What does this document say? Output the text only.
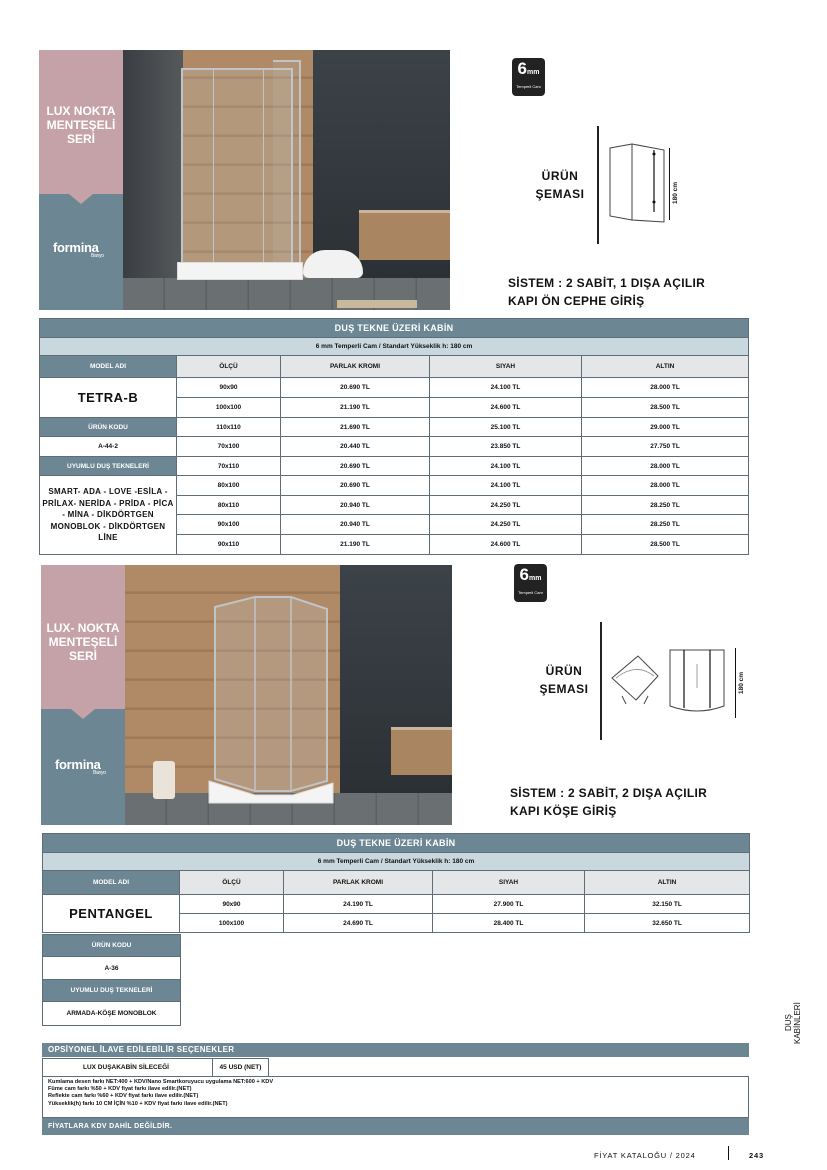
LUX NOKTA MENTEŞELİ SERİ
formina
Banyo
6mm
Temperli Cam
ÜRÜN ŞEMASI	180 cm
SİSTEM : 2 SABİT, 1 DIŞA AÇILIR
KAPI ÖN CEPHE GİRİŞ
DUŞ TEKNE ÜZERİ KABİN				
6 mm Temperli Cam / Standart Yükseklik h: 180 cm				
MODEL ADI	ÖLÇÜ	PARLAK KROMI	SIYAH	ALTIN
TETRA-B	90x90	20.690 TL	24.100 TL	28.000 TL
	100x100	21.190 TL	24.600 TL	28.500 TL
ÜRÜN KODU	110x110	21.690 TL	25.100 TL	29.000 TL
A-44-2	70x100	20.440 TL	23.850 TL	27.750 TL
UYUMLU DUŞ TEKNELERİ	70x110	20.690 TL	24.100 TL	28.000 TL
SMART- ADA - LOVE -ESİLA - PRİLAX- NERİDA - PRİDA - PİCA - MİNA - DİKDÖRTGEN MONOBLOK - DİKDÖRTGEN LİNE	80x100	20.690 TL	24.100 TL	28.000 TL
	80x110	20.940 TL	24.250 TL	28.250 TL
	90x100	20.940 TL	24.250 TL	28.250 TL
	90x110	21.190 TL	24.600 TL	28.500 TL
LUX- NOKTA MENTEŞELİ SERİ
formina
Banyo
6mm
Temperli Cam
ÜRÜN ŞEMASI	180 cm
SİSTEM : 2 SABİT, 2 DIŞA AÇILIR
KAPI KÖŞE GİRİŞ
DUŞ TEKNE ÜZERİ KABİN				
6 mm Temperli Cam / Standart Yükseklik h: 180 cm				
MODEL ADI	ÖLÇÜ	PARLAK KROMI	SIYAH	ALTIN
PENTANGEL	90x90	24.190 TL	27.900 TL	32.150 TL
	100x100	24.690 TL	28.400 TL	32.650 TL
ÜRÜN KODU
A-36
UYUMLU DUŞ TEKNELERİ
ARMADA-KÖŞE MONOBLOK
OPSİYONEL İLAVE EDİLEBİLİR SEÇENEKLER
LUX DUŞAKABİN SİLECEĞİ	45 USD (NET)
Kumlama desen farkı NET:400 + KDV/Nano Smartkoruyucu uygulama NET:600 + KDV
Füme cam farkı %50 + KDV fiyat farkı ilave edilir.(NET)
Reflekte cam farkı %60 + KDV fiyat farkı ilave edilir.(NET)
Yükseklik(h) farkı 10 CM İÇİN %10 + KDV fiyat farkı ilave edilir.(NET)
FİYATLARA KDV DAHİL DEĞİLDİR.
DUŞ KABİNLERİ
FİYAT KATALOĞU / 2024	243
